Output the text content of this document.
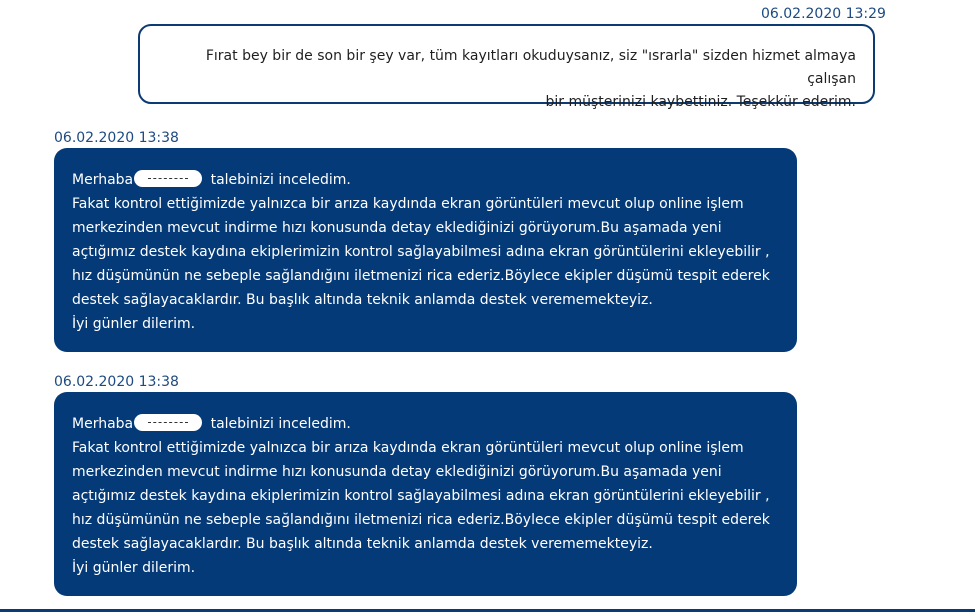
06.02.2020 13:29
Fırat bey bir de son bir şey var, tüm kayıtları okuduysanız, siz "ısrarla" sizden hizmet almaya çalışan
bir müşterinizi kaybettiniz. Teşekkür ederim.
06.02.2020 13:38
Merhaba	talebinizi inceledim.
Fakat kontrol ettiğimizde yalnızca bir arıza kaydında ekran görüntüleri mevcut olup online işlem
merkezinden mevcut indirme hızı konusunda detay eklediğinizi görüyorum.Bu aşamada yeni
açtığımız destek kaydına ekiplerimizin kontrol sağlayabilmesi adına ekran görüntülerini ekleyebilir ,
hız düşümünün ne sebeple sağlandığını iletmenizi rica ederiz.Böylece ekipler düşümü tespit ederek
destek sağlayacaklardır. Bu başlık altında teknik anlamda destek verememekteyiz.
İyi günler dilerim.
06.02.2020 13:38
Merhaba	talebinizi inceledim.
Fakat kontrol ettiğimizde yalnızca bir arıza kaydında ekran görüntüleri mevcut olup online işlem
merkezinden mevcut indirme hızı konusunda detay eklediğinizi görüyorum.Bu aşamada yeni
açtığımız destek kaydına ekiplerimizin kontrol sağlayabilmesi adına ekran görüntülerini ekleyebilir ,
hız düşümünün ne sebeple sağlandığını iletmenizi rica ederiz.Böylece ekipler düşümü tespit ederek
destek sağlayacaklardır. Bu başlık altında teknik anlamda destek verememekteyiz.
İyi günler dilerim.
